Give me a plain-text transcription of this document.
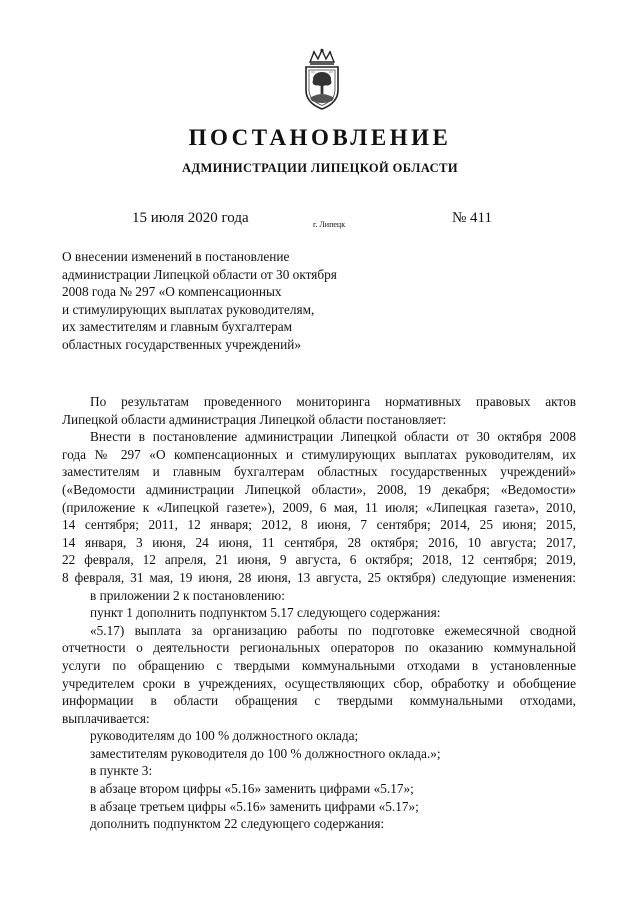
ПОСТАНОВЛЕНИЕ
АДМИНИСТРАЦИИ ЛИПЕЦКОЙ ОБЛАСТИ
15 июля 2020 года	г. Липецк	№ 411
О внесении изменений в постановление
администрации Липецкой области от 30 октября
2008 года № 297 «О компенсационных
и стимулирующих выплатах руководителям,
их заместителям и главным бухгалтерам
областных государственных учреждений»
По результатам проведенного мониторинга нормативных правовых актов
Липецкой области администрация Липецкой области постановляет:
Внести в постановление администрации Липецкой области от 30 октября 2008
года № 297 «О компенсационных и стимулирующих выплатах руководителям, их
заместителям и главным бухгалтерам областных государственных учреждений»
(«Ведомости администрации Липецкой области», 2008, 19 декабря; «Ведомости»
(приложение к «Липецкой газете»), 2009, 6 мая, 11 июля; «Липецкая газета», 2010,
14 сентября; 2011, 12 января; 2012, 8 июня, 7 сентября; 2014, 25 июня; 2015,
14 января, 3 июня, 24 июня, 11 сентября, 28 октября; 2016, 10 августа; 2017,
22 февраля, 12 апреля, 21 июня, 9 августа, 6 октября; 2018, 12 сентября; 2019,
8 февраля, 31 мая, 19 июня, 28 июня, 13 августа, 25 октября) следующие изменения:
в приложении 2 к постановлению:
пункт 1 дополнить подпунктом 5.17 следующего содержания:
«5.17) выплата за организацию работы по подготовке ежемесячной сводной
отчетности о деятельности региональных операторов по оказанию коммунальной
услуги по обращению с твердыми коммунальными отходами в установленные
учредителем сроки в учреждениях, осуществляющих сбор, обработку и обобщение
информации в области обращения с твердыми коммунальными отходами,
выплачивается:
руководителям до 100 % должностного оклада;
заместителям руководителя до 100 % должностного оклада.»;
в пункте 3:
в абзаце втором цифры «5.16» заменить цифрами «5.17»;
в абзаце третьем цифры «5.16» заменить цифрами «5.17»;
дополнить подпунктом 22 следующего содержания:
